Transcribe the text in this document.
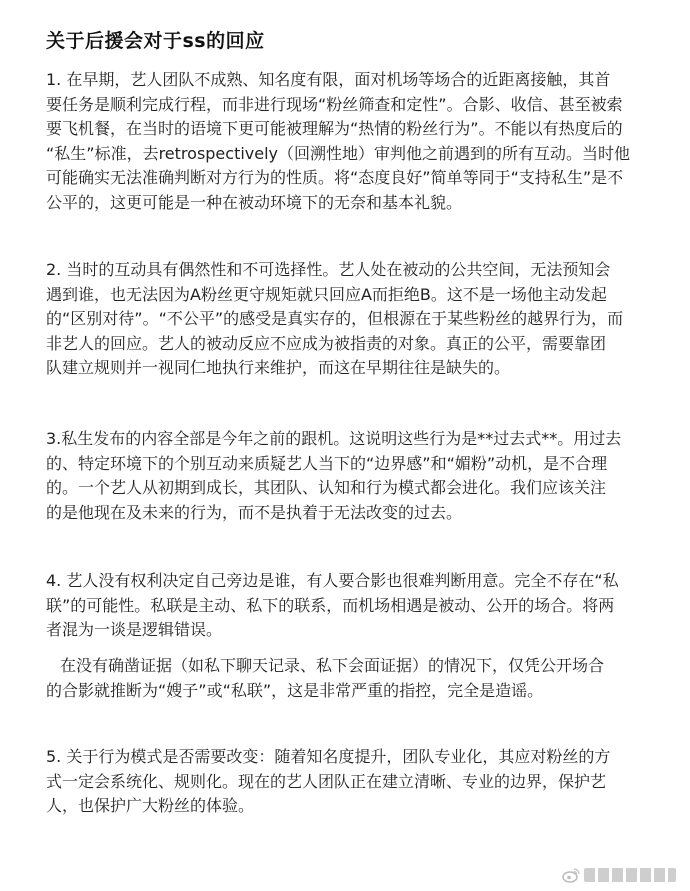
关于后援会对于ss的回应
1. 在早期，艺人团队不成熟、知名度有限，面对机场等场合的近距离接触，其首
要任务是顺利完成行程，而非进行现场“粉丝筛查和定性”。合影、收信、甚至被索
要飞机餐，在当时的语境下更可能被理解为“热情的粉丝行为”。不能以有热度后的
“私生”标准，去retrospectively（回溯性地）审判他之前遇到的所有互动。当时他
可能确实无法准确判断对方行为的性质。将“态度良好”简单等同于“支持私生”是不
公平的，这更可能是一种在被动环境下的无奈和基本礼貌。
2. 当时的互动具有偶然性和不可选择性。艺人处在被动的公共空间，无法预知会
遇到谁，也无法因为A粉丝更守规矩就只回应A而拒绝B。这不是一场他主动发起
的“区别对待”。“不公平”的感受是真实存的，但根源在于某些粉丝的越界行为，而
非艺人的回应。艺人的被动反应不应成为被指责的对象。真正的公平，需要靠团
队建立规则并一视同仁地执行来维护，而这在早期往往是缺失的。
3.私生发布的内容全部是今年之前的跟机。这说明这些行为是**过去式**。用过去
的、特定环境下的个别互动来质疑艺人当下的“边界感”和“媚粉”动机，是不合理
的。一个艺人从初期到成长，其团队、认知和行为模式都会进化。我们应该关注
的是他现在及未来的行为，而不是执着于无法改变的过去。
4. 艺人没有权利决定自己旁边是谁，有人要合影也很难判断用意。完全不存在“私
联”的可能性。私联是主动、私下的联系，而机场相遇是被动、公开的场合。将两
者混为一谈是逻辑错误。
在没有确凿证据（如私下聊天记录、私下会面证据）的情况下，仅凭公开场合
的合影就推断为“嫂子”或“私联”，这是非常严重的指控，完全是造谣。
5. 关于行为模式是否需要改变：随着知名度提升，团队专业化，其应对粉丝的方
式一定会系统化、规则化。现在的艺人团队正在建立清晰、专业的边界，保护艺
人，也保护广大粉丝的体验。
